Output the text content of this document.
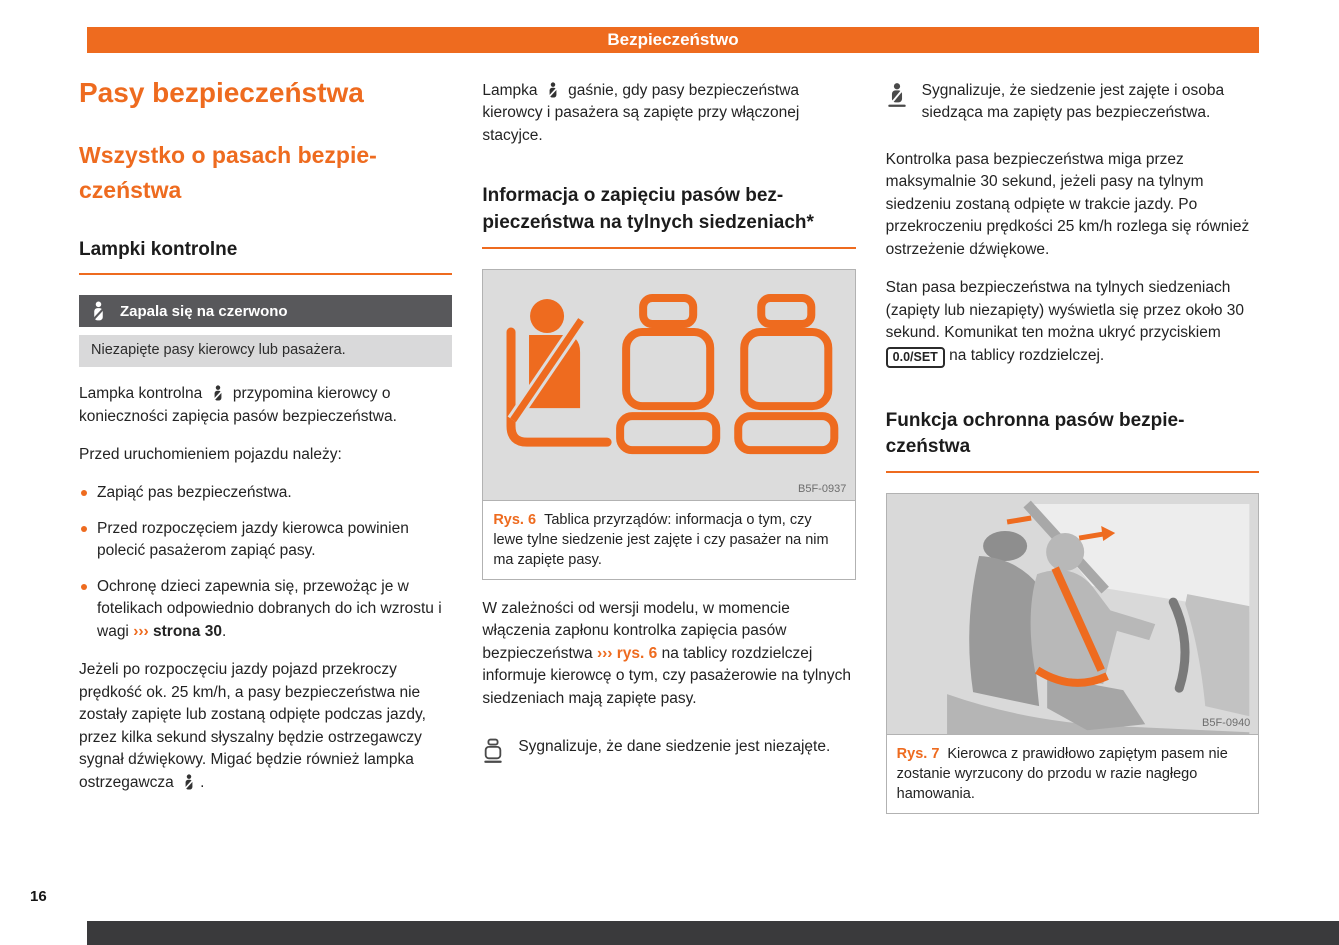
Bezpieczeństwo
Pasy bezpieczeństwa
Wszystko o pasach bezpieczeństwa
Lampki kontrolne
Zapala się na czerwono
Niezapięte pasy kierowcy lub pasażera.

Lampka kontrolna przypomina kierowcy o konieczności zapięcia pasów bezpieczeństwa.

Przed uruchomieniem pojazdu należy:

Zapiąć pas bezpieczeństwa.
Przed rozpoczęciem jazdy kierowca powinien polecić pasażerom zapiąć pasy.
Ochronę dzieci zapewnia się, przewożąc je w fotelikach odpowiednio dobranych do ich wzrostu i wagi ››› strona 30.

Jeżeli po rozpoczęciu jazdy pojazd przekroczy prędkość ok. 25 km/h, a pasy bezpieczeństwa nie zostały zapięte lub zostaną odpięte podczas jazdy, przez kilka sekund słyszalny będzie ostrzegawczy sygnał dźwiękowy. Migać będzie również lampka ostrzegawcza .

Lampka gaśnie, gdy pasy bezpieczeństwa kierowcy i pasażera są zapięte przy włączonej stacyjce.

Informacja o zapięciu pasów bezpieczeństwa na tylnych siedzeniach*
B5F-0937
Rys. 6 Tablica przyrządów: informacja o tym, czy lewe tylne siedzenie jest zajęte i czy pasażer na nim ma zapięte pasy.

W zależności od wersji modelu, w momencie włączenia zapłonu kontrolka zapięcia pasów bezpieczeństwa ››› rys. 6 na tablicy rozdzielczej informuje kierowcę o tym, czy pasażerowie na tylnych siedzeniach mają zapięte pasy.

Sygnalizuje, że dane siedzenie jest niezajęte.
Sygnalizuje, że siedzenie jest zajęte i osoba siedząca ma zapięty pas bezpieczeństwa.

Kontrolka pasa bezpieczeństwa miga przez maksymalnie 30 sekund, jeżeli pasy na tylnym siedzeniu zostaną odpięte w trakcie jazdy. Po przekroczeniu prędkości 25 km/h rozlega się również ostrzeżenie dźwiękowe.

Stan pasa bezpieczeństwa na tylnych siedzeniach (zapięty lub niezapięty) wyświetla się przez około 30 sekund. Komunikat ten można ukryć przyciskiem 0.0/SET na tablicy rozdzielczej.

Funkcja ochronna pasów bezpieczeństwa
B5F-0940
Rys. 7 Kierowca z prawidłowo zapiętym pasem nie zostanie wyrzucony do przodu w razie nagłego hamowania.
16
